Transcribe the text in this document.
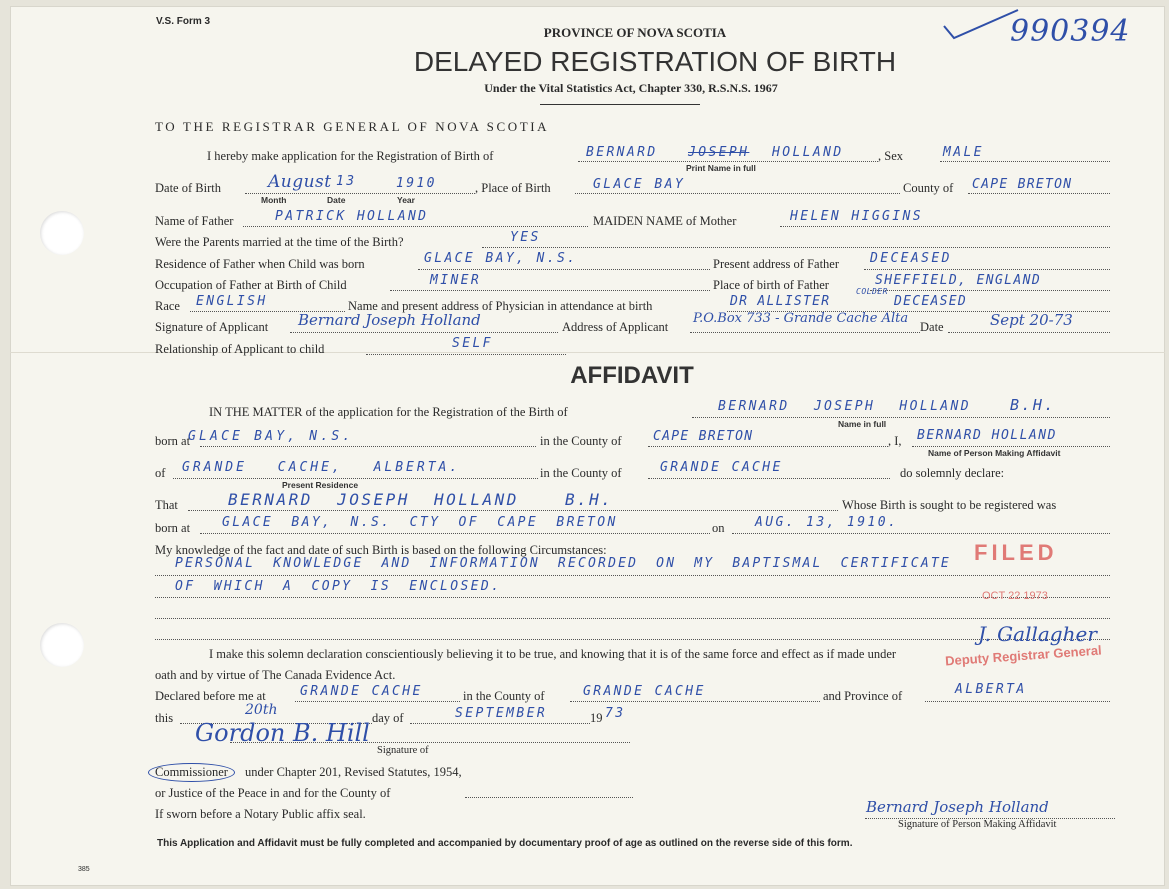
V.S. Form 3	990394
PROVINCE OF NOVA SCOTIA
DELAYED REGISTRATION OF BIRTH
Under the Vital Statistics Act, Chapter 330, R.S.N.S. 1967
TO THE REGISTRAR GENERAL OF NOVA SCOTIA
I hereby make application for the Registration of Birth of	BERNARD JOSEPH HOLLAND
Print Name in full
, Sex	MALE
Date of Birth	August 13	1910
Month	Date	Year
, Place of Birth	GLACE BAY	County of CAPE BRETON
Name of Father	PATRICK HOLLAND	MAIDEN NAME of Mother	HELEN HIGGINS
Were the Parents married at the time of the Birth?	YES
Residence of Father when Child was born	GLACE BAY, N.S.	Present address of Father DECEASED
Occupation of Father at Birth of Child	MINER	Place of birth of Father	SHEFFIELD, ENGLAND
Race ENGLISH	Name and present address of Physician in attendance at birth	DR ALLISTER
COLDER
DECEASED
Signature of Applicant Bernard Joseph Holland	Address of Applicant
P.O.Box 733 - Grande Cache Alta
Date	Sept 20-73
Relationship of Applicant to child	SELF
AFFIDAVIT
IN THE MATTER of the application for the Registration of the Birth of	BERNARD JOSEPH HOLLAND	B.H.
Name in full
born at
GLACE BAY, N.S.	in the County of CAPE BRETON	, I, BERNARD HOLLAND
Name of Person Making Affidavit
of GRANDE CACHE, ALBERTA.
Present Residence
in the County of	GRANDE CACHE	do solemnly declare:
That	BERNARD JOSEPH HOLLAND	B.H.	Whose Birth is sought to be registered was
born at GLACE BAY, N.S. CTY OF CAPE BRETON	on AUG. 13, 1910.
My knowledge of the fact and date of such Birth is based on the following Circumstances:
PERSONAL KNOWLEDGE AND INFORMATION RECORDED ON MY BAPTISMAL CERTIFICATE
OF WHICH A COPY IS ENCLOSED.
I make this solemn declaration conscientiously believing it to be true, and knowing that it is of the same force and effect as if made under
oath and by virtue of The Canada Evidence Act.
Declared before me at	GRANDE CACHE	in the County of	GRANDE CACHE	and Province of	ALBERTA
this	20th	day of	SEPTEMBER	19 73
Gordon B. Hill
Signature of
Commissioner	under Chapter 201, Revised Statutes, 1954,
or Justice of the Peace in and for the County of
If sworn before a Notary Public affix seal.	Bernard Joseph Holland
Signature of Person Making Affidavit
FILED
OCT 22 1973
J. Gallagher
Deputy Registrar General
This Application and Affidavit must be fully completed and accompanied by documentary proof of age as outlined on the reverse side of this form.
385
